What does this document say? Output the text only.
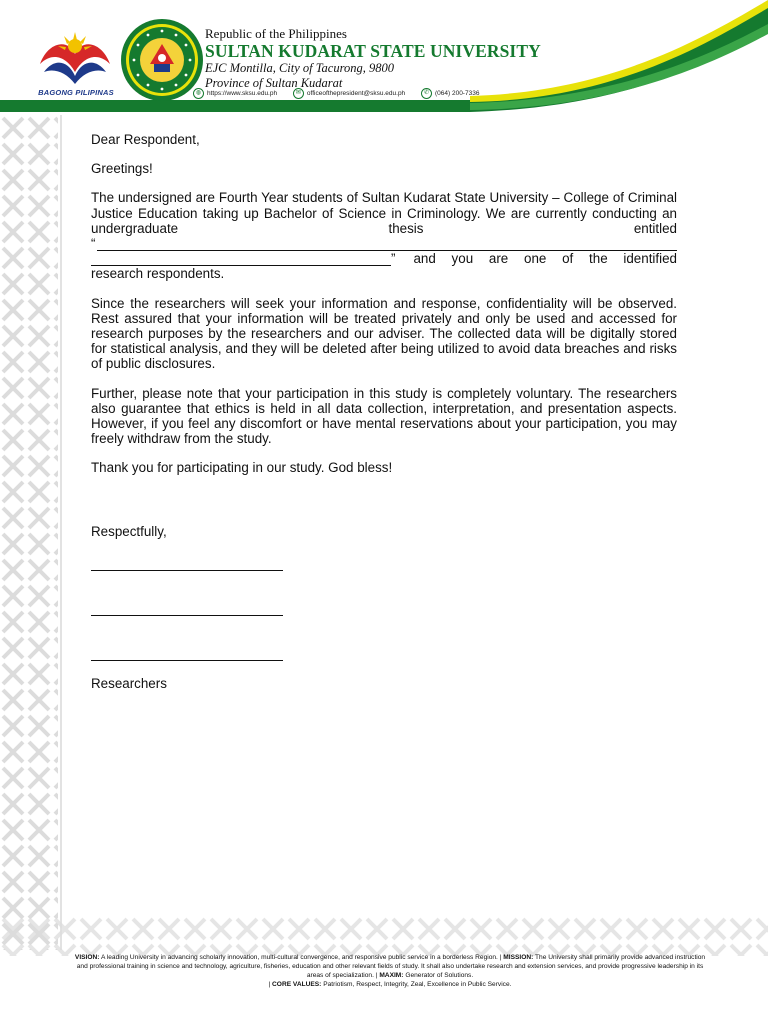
BAGONG PILIPINAS
Republic of the Philippines
SULTAN KUDARAT STATE UNIVERSITY
EJC Montilla, City of Tacurong, 9800
Province of Sultan Kudarat
◍ https://www.sksu.edu.ph	✉ officeofthepresident@sksu.edu.ph	✆ (064) 200-7336

Dear Respondent,

Greetings!

The undersigned are Fourth Year students of Sultan Kudarat State University – College of Criminal Justice Education taking up Bachelor of Science in Criminology. We are currently conducting an undergraduate thesis entitled

“
” and you are one of the identified

research respondents.

Since the researchers will seek your information and response, confidentiality will be observed. Rest assured that your information will be treated privately and only be used and accessed for research purposes by the researchers and our adviser. The collected data will be digitally stored for statistical analysis, and they will be deleted after being utilized to avoid data breaches and risks of public disclosures.

Further, please note that your participation in this study is completely voluntary. The researchers also guarantee that ethics is held in all data collection, interpretation, and presentation aspects. However, if you feel any discomfort or have mental reservations about your participation, you may freely withdraw from the study.

Thank you for participating in our study. God bless!

Respectfully,
Researchers
VISION: A leading University in advancing scholarly innovation, multi-cultural convergence, and responsive public service in a borderless Region. | MISSION: The University shall primarily provide advanced instruction and professional training in science and technology, agriculture, fisheries, education and other relevant fields of study. It shall also undertake research and extension services, and provide progressive leadership in its areas of specialization. | MAXIM: Generator of Solutions.
| CORE VALUES: Patriotism, Respect, Integrity, Zeal, Excellence in Public Service.
